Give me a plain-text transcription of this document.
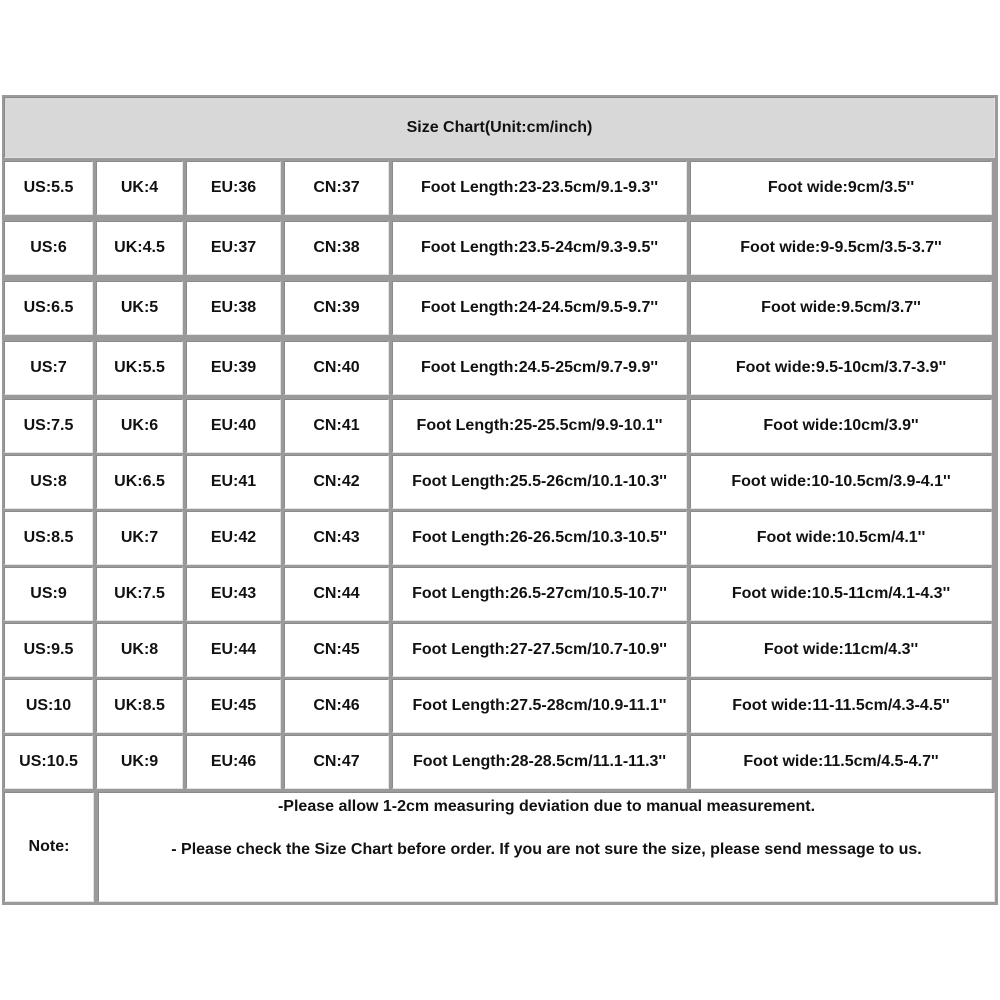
Size Chart(Unit:cm/inch)
Note:
-Please allow 1-2cm measuring deviation due to manual measurement.
- Please check the Size Chart before order. If you are not sure the size, please send message to us.
US:5.5	UK:4	EU:36	CN:37	Foot Length:23-23.5cm/9.1-9.3''	Foot wide:9cm/3.5''
US:6	UK:4.5	EU:37	CN:38	Foot Length:23.5-24cm/9.3-9.5''	Foot wide:9-9.5cm/3.5-3.7''
US:6.5	UK:5	EU:38	CN:39	Foot Length:24-24.5cm/9.5-9.7''	Foot wide:9.5cm/3.7''
US:7	UK:5.5	EU:39	CN:40	Foot Length:24.5-25cm/9.7-9.9''	Foot wide:9.5-10cm/3.7-3.9''
US:7.5	UK:6	EU:40	CN:41	Foot Length:25-25.5cm/9.9-10.1''	Foot wide:10cm/3.9''
US:8	UK:6.5	EU:41	CN:42	Foot Length:25.5-26cm/10.1-10.3''	Foot wide:10-10.5cm/3.9-4.1''
US:8.5	UK:7	EU:42	CN:43	Foot Length:26-26.5cm/10.3-10.5''	Foot wide:10.5cm/4.1''
US:9	UK:7.5	EU:43	CN:44	Foot Length:26.5-27cm/10.5-10.7''	Foot wide:10.5-11cm/4.1-4.3''
US:9.5	UK:8	EU:44	CN:45	Foot Length:27-27.5cm/10.7-10.9''	Foot wide:11cm/4.3''
US:10	UK:8.5	EU:45	CN:46	Foot Length:27.5-28cm/10.9-11.1''	Foot wide:11-11.5cm/4.3-4.5''
US:10.5	UK:9	EU:46	CN:47	Foot Length:28-28.5cm/11.1-11.3''	Foot wide:11.5cm/4.5-4.7''
